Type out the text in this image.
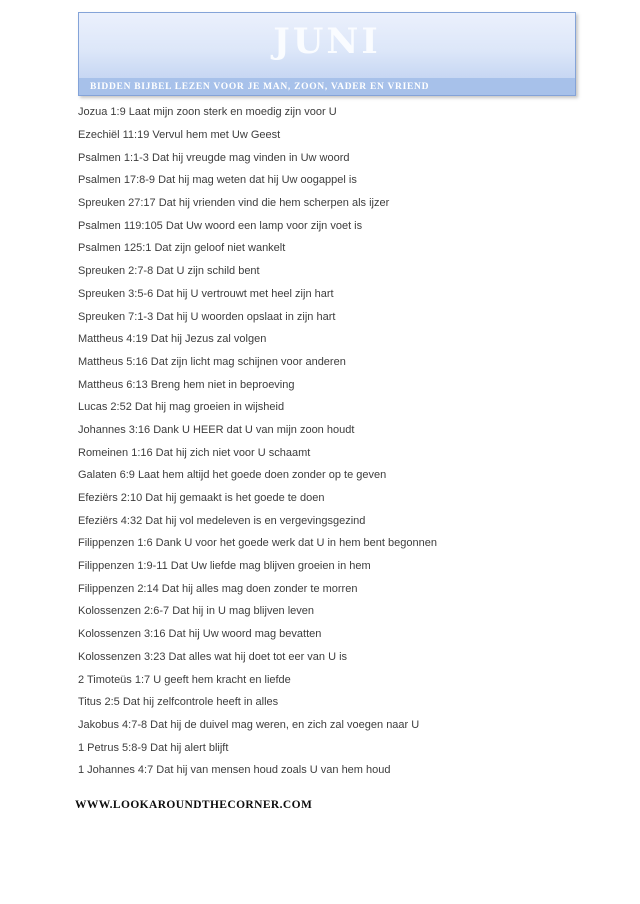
JUNI
BIDDEN BIJBEL LEZEN VOOR JE MAN, ZOON, VADER EN VRIEND
Jozua 1:9
Laat mijn zoon sterk en moedig zijn voor U
Ezechiël 11:19
Vervul hem met Uw Geest
Psalmen 1:1-3
Dat hij vreugde mag vinden in Uw woord
Psalmen 17:8-9
Dat hij mag weten dat hij Uw oogappel is
Spreuken 27:17
Dat hij vrienden vind die hem scherpen als ijzer
Psalmen 119:105
Dat Uw woord een lamp voor zijn voet is
Psalmen 125:1
Dat zijn geloof niet wankelt
Spreuken 2:7-8
Dat U zijn schild bent
Spreuken 3:5-6
Dat hij U vertrouwt met heel zijn hart
Spreuken 7:1-3
Dat hij U woorden opslaat in zijn hart
Mattheus 4:19
Dat hij Jezus zal volgen
Mattheus 5:16
Dat zijn licht mag schijnen voor anderen
Mattheus 6:13
Breng hem niet in beproeving
Lucas 2:52
Dat hij mag groeien in wijsheid
Johannes 3:16
Dank U HEER dat U van mijn zoon houdt
Romeinen 1:16
Dat hij zich niet voor U schaamt
Galaten 6:9
Laat hem altijd het goede doen zonder op te geven
Efeziërs 2:10
Dat hij gemaakt is het goede te doen
Efeziërs 4:32
Dat hij vol medeleven is en vergevingsgezind
Filippenzen 1:6
Dank U voor het goede werk dat U in hem bent begonnen
Filippenzen 1:9-11
Dat Uw liefde mag blijven groeien in hem
Filippenzen 2:14
Dat hij alles mag doen zonder te morren
Kolossenzen 2:6-7
Dat hij in U mag blijven leven
Kolossenzen 3:16
Dat hij Uw woord mag bevatten
Kolossenzen 3:23
Dat alles wat hij doet tot eer van U is
2 Timoteüs 1:7
U geeft hem kracht en liefde
Titus 2:5
Dat hij zelfcontrole heeft in alles
Jakobus 4:7-8
Dat hij de duivel mag weren, en zich zal voegen naar U
1 Petrus 5:8-9
Dat hij alert blijft
1 Johannes 4:7
Dat hij van mensen houd zoals U van hem houd
WWW.LOOKAROUNDTHECORNER.COM
